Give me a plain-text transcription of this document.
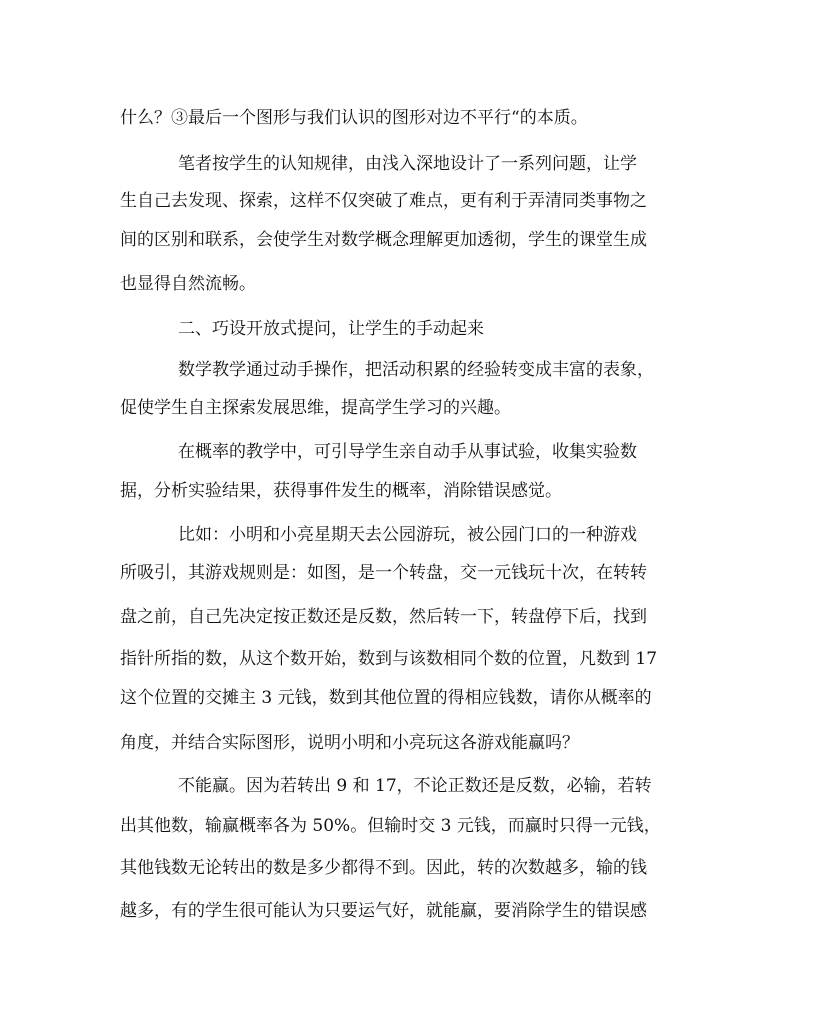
什么？③最后一个图形与我们认识的图形对边不平行“的本质。
笔者按学生的认知规律，由浅入深地设计了一系列问题，让学
生自己去发现、探索，这样不仅突破了难点，更有利于弄清同类事物之
间的区别和联系，会使学生对数学概念理解更加透彻，学生的课堂生成
也显得自然流畅。
二、巧设开放式提问，让学生的手动起来
数学教学通过动手操作，把活动积累的经验转变成丰富的表象，
促使学生自主探索发展思维，提高学生学习的兴趣。
在概率的教学中，可引导学生亲自动手从事试验，收集实验数
据，分析实验结果，获得事件发生的概率，消除错误感觉。
比如：小明和小亮星期天去公园游玩，被公园门口的一种游戏
所吸引，其游戏规则是：如图，是一个转盘，交一元钱玩十次，在转转
盘之前，自己先决定按正数还是反数，然后转一下，转盘停下后，找到
指针所指的数，从这个数开始，数到与该数相同个数的位置，凡数到 17
这个位置的交摊主 3 元钱，数到其他位置的得相应钱数，请你从概率的
角度，并结合实际图形，说明小明和小亮玩这各游戏能赢吗？
不能赢。因为若转出 9 和 17，不论正数还是反数，必输，若转
出其他数，输赢概率各为 50%。但输时交 3 元钱，而赢时只得一元钱，
其他钱数无论转出的数是多少都得不到。因此，转的次数越多，输的钱
越多，有的学生很可能认为只要运气好，就能赢，要消除学生的错误感
